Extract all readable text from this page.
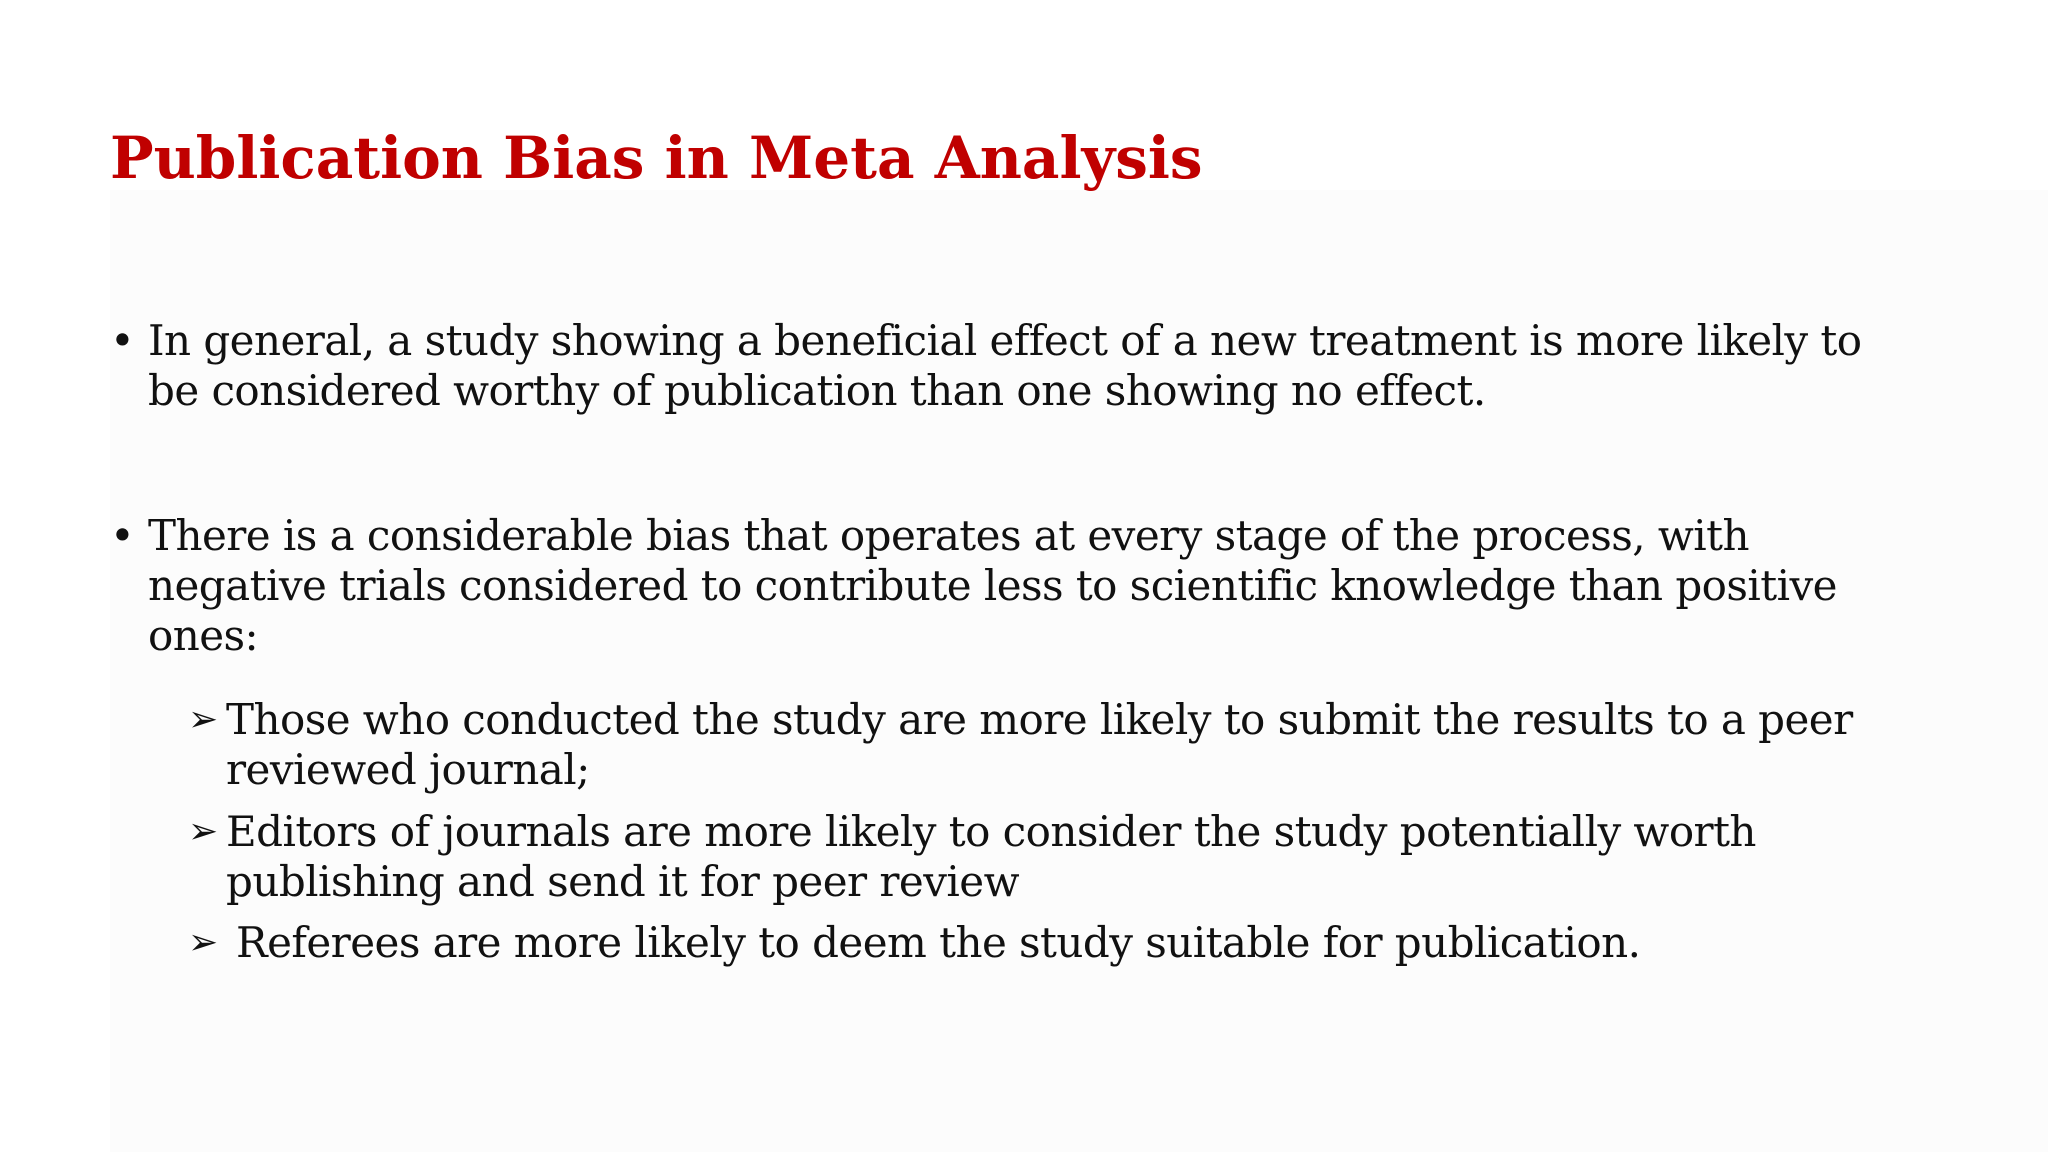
Publication Bias in Meta Analysis
• In general, a study showing a beneficial effect of a new treatment is more likely to be considered worthy of publication than one showing no effect.
• There is a considerable bias that operates at every stage of the process, with negative trials considered to contribute less to scientific knowledge than positive ones:
➢ Those who conducted the study are more likely to submit the results to a peer reviewed journal;
➢ Editors of journals are more likely to consider the study potentially worth publishing and send it for peer review
➢ Referees are more likely to deem the study suitable for publication.
